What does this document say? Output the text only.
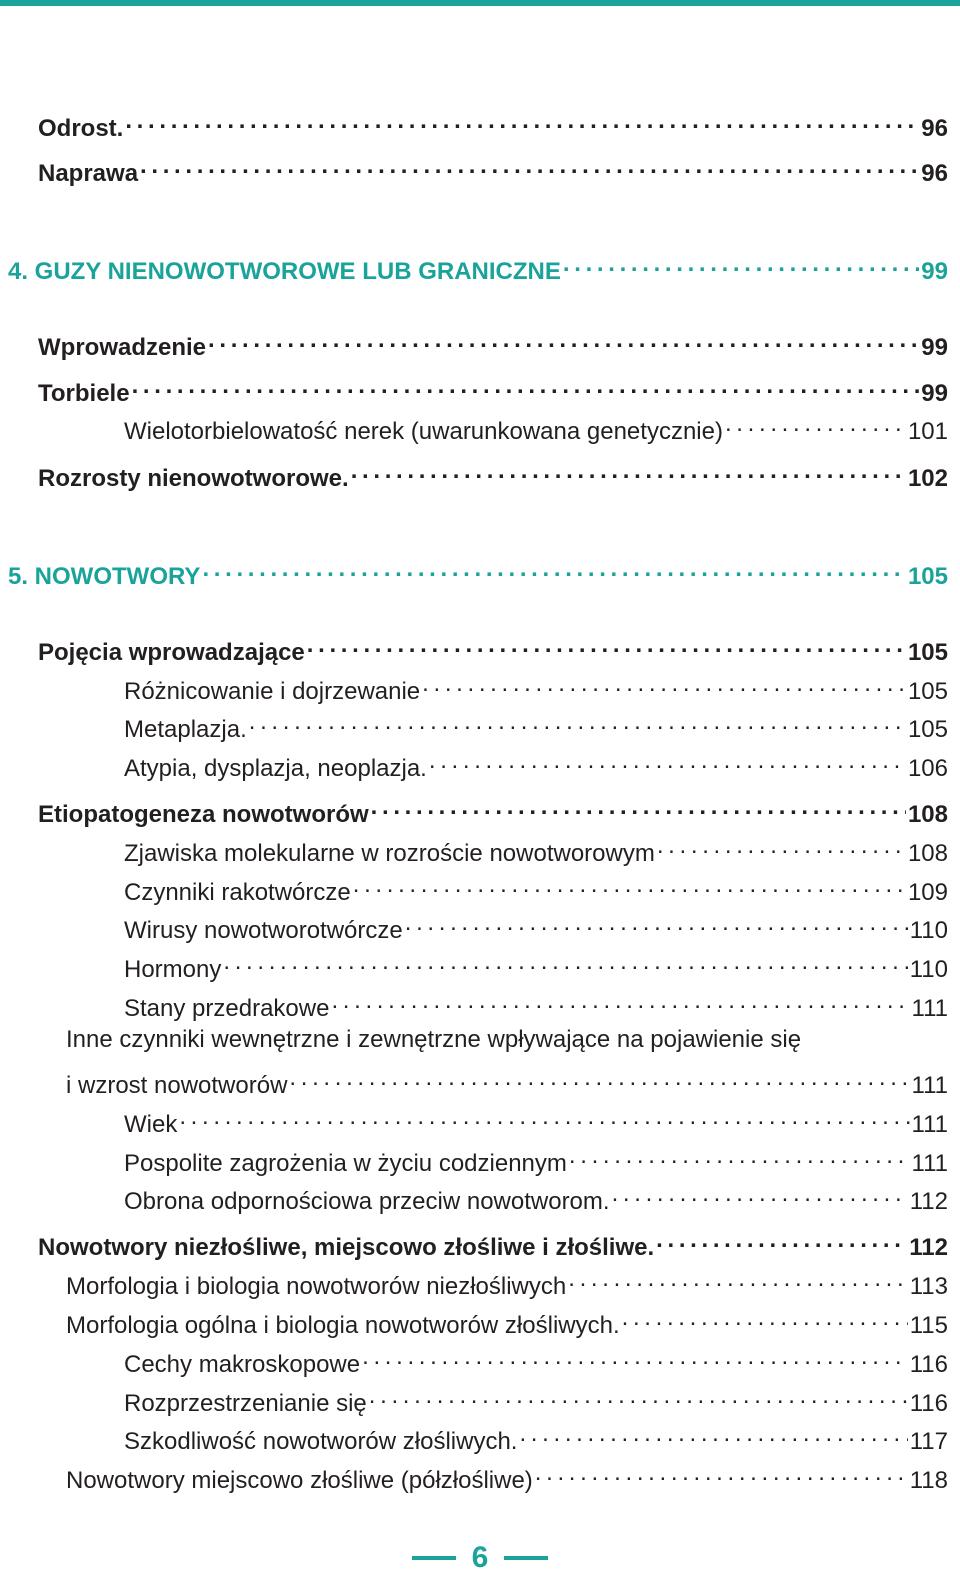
Odrost. . . .	96
Naprawa . . .	96
4. GUZY NIENOWOTWOROWE LUB GRANICZNE . . .	99
Wprowadzenie . . .	99
Torbiele . . .	99
Wielotorbielowatość nerek (uwarunkowana genetycznie) . . .	101
Rozrosty nienowotworowe. . . .	102
5. NOWOTWORY . . .	105
Pojęcia wprowadzające . . .	105
Różnicowanie i dojrzewanie . . .	105
Metaplazja. . . .	105
Atypia, dysplazja, neoplazja. . . .	106
Etiopatogeneza nowotworów . . .	108
Zjawiska molekularne w rozroście nowotworowym . . .	108
Czynniki rakotwórcze . . .	109
Wirusy nowotworotwórcze . . .	110
Hormony . . .	110
Stany przedrakowe . . .	111
Inne czynniki wewnętrzne i zewnętrzne wpływające na pojawienie się
i wzrost nowotworów . . .	111
Wiek . . .	111
Pospolite zagrożenia w życiu codziennym . . .	111
Obrona odpornościowa przeciw nowotworom. . . .	112
Nowotwory niezłośliwe, miejscowo złośliwe i złośliwe. . . .	112
Morfologia i biologia nowotworów niezłośliwych . . .	113
Morfologia ogólna i biologia nowotworów złośliwych. . . .	115
Cechy makroskopowe . . .	116
Rozprzestrzenianie się . . .	116
Szkodliwość nowotworów złośliwych. . . .	117
Nowotwory miejscowo złośliwe (półzłośliwe) . . .	118
6
